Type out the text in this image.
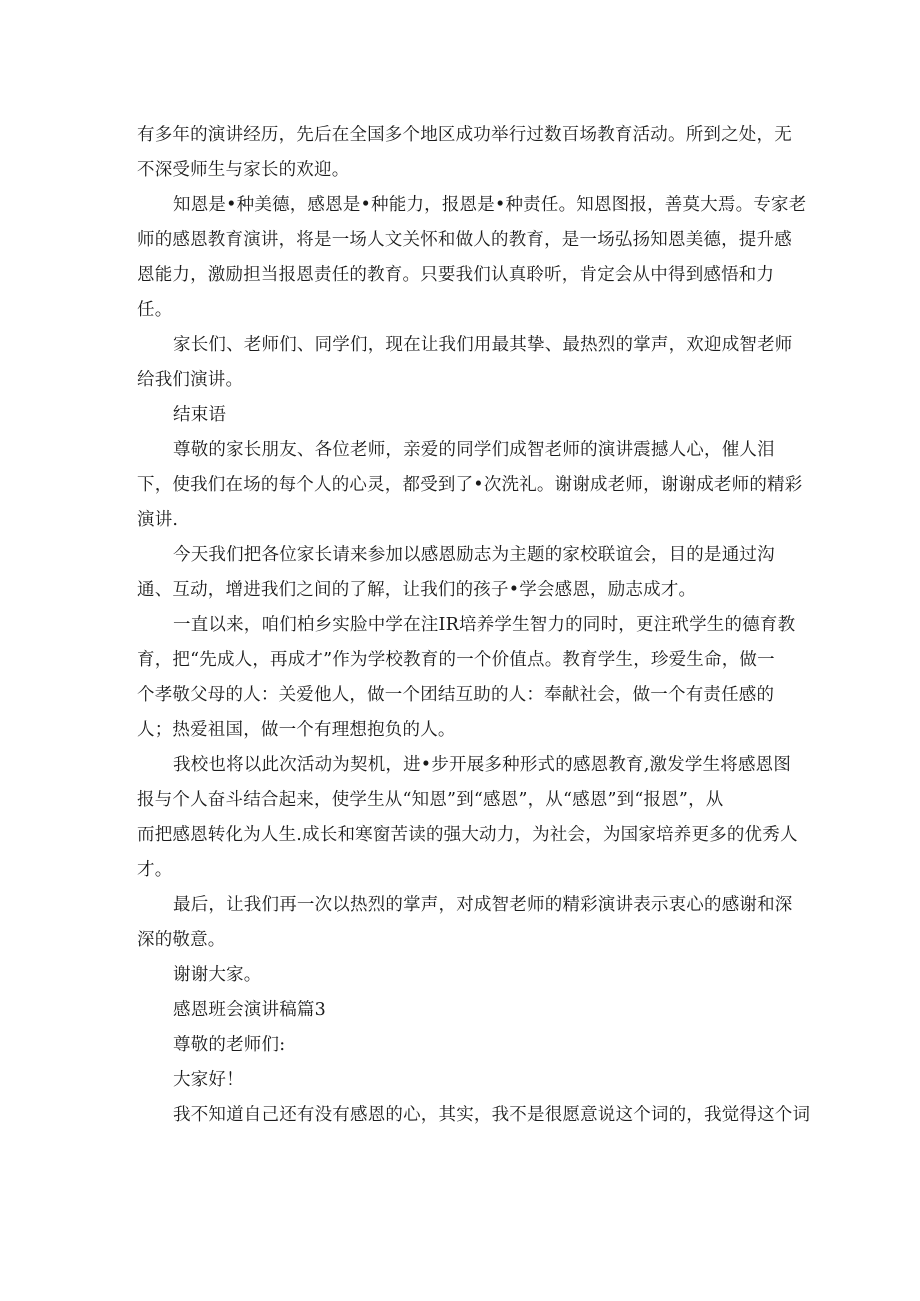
有多年的演讲经历，先后在全国多个地区成功举行过数百场教育活动。所到之处，无
不深受师生与家长的欢迎。

知恩是•种美德，感恩是•种能力，报恩是•种责任。知恩图报，善莫大焉。专家老
师的感恩教育演讲，将是一场人文关怀和做人的教育，是一场弘扬知恩美德，提升感
恩能力，激励担当报恩责任的教育。只要我们认真聆听，肯定会从中得到感悟和力
任。

家长们、老师们、同学们，现在让我们用最其挚、最热烈的掌声，欢迎成智老师
给我们演讲。

结束语

尊敬的家长朋友、各位老师，亲爱的同学们成智老师的演讲震撼人心，催人泪
下，使我们在场的每个人的心灵，都受到了•次洗礼。谢谢成老师，谢谢成老师的精彩
演讲.

今天我们把各位家长请来参加以感恩励志为主题的家校联谊会，目的是通过沟
通、互动，增进我们之间的了解，让我们的孩子•学会感恩，励志成才。

一直以来，咱们柏乡实脸中学在注IR培养学生智力的同时，更注玳学生的德育教
育，把“先成人，再成才”作为学校教育的一个价值点。教育学生，珍爱生命，做一
个孝敬父母的人：关爱他人，做一个团结互助的人：奉献社会，做一个有责任感的
人；热爱祖国，做一个有理想抱负的人。

我校也将以此次活动为契机，进•步开展多种形式的感恩教育,激发学生将感恩图
报与个人奋斗结合起来，使学生从“知恩”到“感恩”，从“感恩”到“报恩”，从
而把感恩转化为人生.成长和寒窗苦读的强大动力，为社会，为国家培养更多的优秀人
才。

最后，让我们再一次以热烈的掌声，对成智老师的精彩演讲表示衷心的感谢和深
深的敬意。

谢谢大家。

感恩班会演讲稿篇3

尊敬的老师们:

大家好！

我不知道自己还有没有感恩的心，其实，我不是很愿意说这个词的，我觉得这个词
